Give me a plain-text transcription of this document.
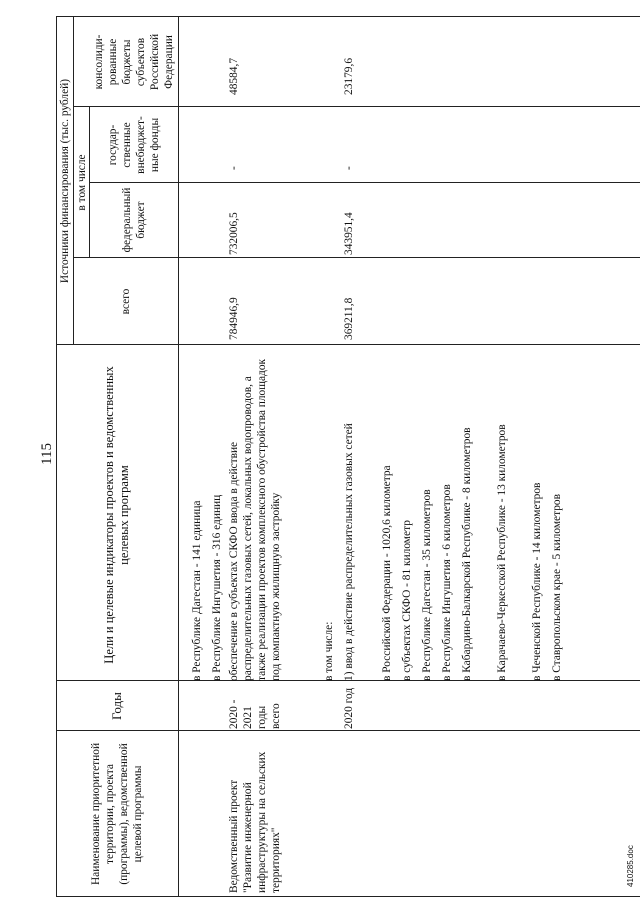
115
410285.doc
Наименование приоритетной территории, проекта (программы), ведомственной целевой программы
Годы
Цели и целевые индикаторы проектов и ведомственных целевых программ
Источники финансирования (тыс. рублей)
всего
в том числе
федеральный бюджет
государ-ственные внебюджет-ные фонды
консолиди-рованные бюджеты субъектов Российской Федерации
в Республике Дагестан - 141 единица в Республике Ингушетия - 316 единиц
Ведомственный проект "Развитие инженерной инфраструктуры на сельских территориях"
2020 - 2021 годы всего
обеспечение в субъектах СКФО ввода в действие распределительных газовых сетей, локальных водопроводов, а также реализации проектов комплексного обустройства площадок под компактную жилищную застройку
784946,9
732006,5
-
48584,7
в том числе:
2020 год
1) ввод в действие распределительных газовых сетей
369211,8
343951,4
-
23179,6
в Российской Федерации - 1020,6 километра в субъектах СКФО - 81 километр в Республике Дагестан - 35 километров в Республике Ингушетия - 6 километров в Кабардино-Балкарской Республике - 8 километров в Карачаево-Черкесской Республике - 13 километров в Чеченской Республике - 14 километров в Ставропольском крае - 5 километров
